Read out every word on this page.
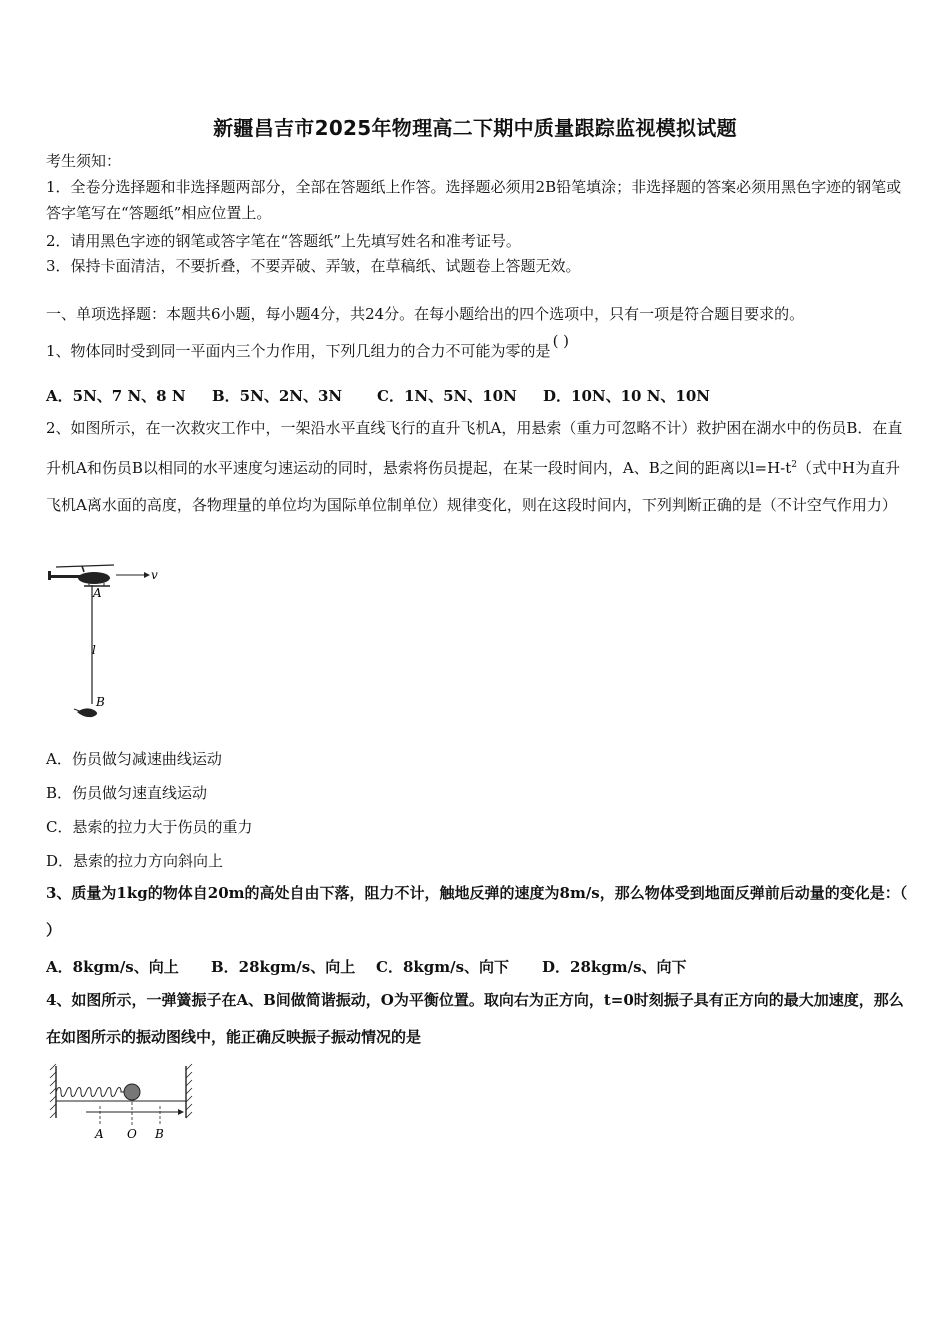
新疆昌吉市2025年物理高二下期中质量跟踪监视模拟试题
考生须知：
1．全卷分选择题和非选择题两部分，全部在答题纸上作答。选择题必须用2B铅笔填涂；非选择题的答案必须用黑色字迹的钢笔或答字笔写在“答题纸”相应位置上。
2．请用黑色字迹的钢笔或答字笔在“答题纸”上先填写姓名和准考证号。
3．保持卡面清洁，不要折叠，不要弄破、弄皱，在草稿纸、试题卷上答题无效。
一、单项选择题：本题共6小题，每小题4分，共24分。在每小题给出的四个选项中，只有一项是符合题目要求的。
1、物体同时受到同一平面内三个力作用，下列几组力的合力不可能为零的是( )
A．5N、7 N、8 N B．5N、2N、3N C．1N、5N、10N D．10N、10 N、10N
2、如图所示，在一次救灾工作中，一架沿水平直线飞行的直升飞机A，用悬索（重力可忽略不计）救护困在湖水中的伤员B．在直升机A和伤员B以相同的水平速度匀速运动的同时，悬索将伤员提起，在某一段时间内，A、B之间的距离以$l=H-t^2$（式中H为直升飞机A离水面的高度，各物理量的单位均为国际单位制单位）规律变化，则在这段时间内，下列判断正确的是（不计空气作用力）
v
A
l
B
A．伤员做匀减速曲线运动
B．伤员做匀速直线运动
C．悬索的拉力大于伤员的重力
D．悬索的拉力方向斜向上
3、质量为1kg的物体自20m的高处自由下落，阻力不计，触地反弹的速度为8m/s，那么物体受到地面反弹前后动量的变化是：（ ）
A．8kgm/s、向上 B．28kgm/s、向上 C．8kgm/s、向下 D．28kgm/s、向下
4、如图所示，一弹簧振子在A、B间做简谐振动，O为平衡位置。取向右为正方向，t=0时刻振子具有正方向的最大加速度，那么在如图所示的振动图线中，能正确反映振子振动情况的是
A O B
